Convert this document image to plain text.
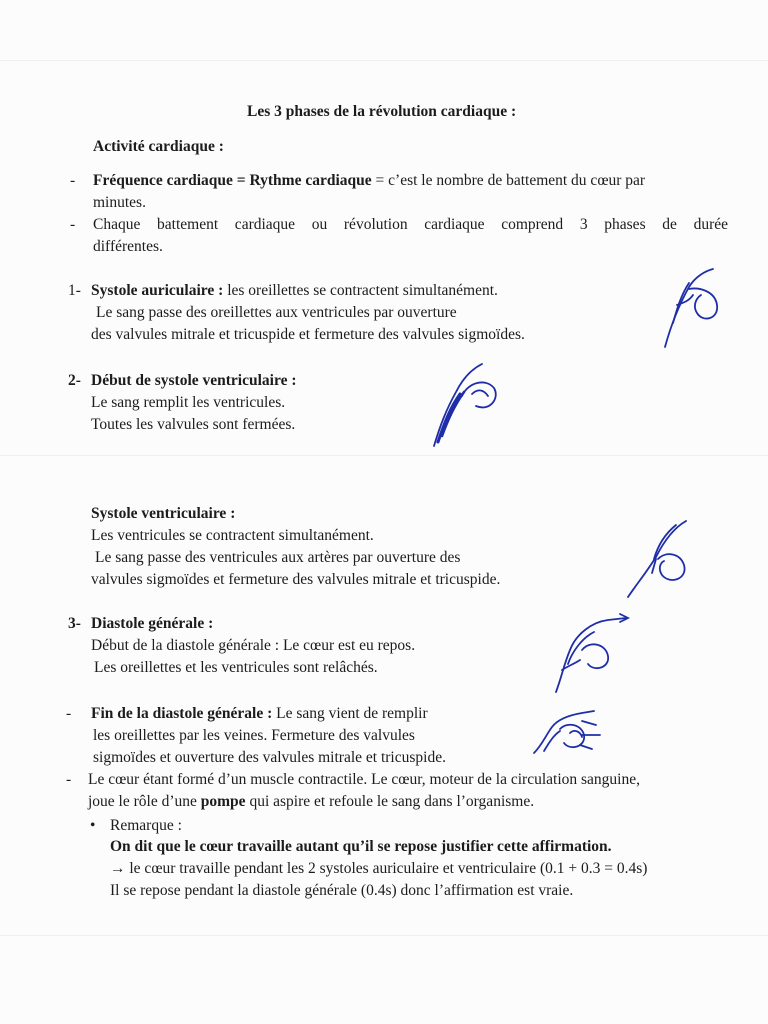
Les 3 phases de la révolution cardiaque :
Activité cardiaque :
- Fréquence cardiaque = Rythme cardiaque = c’est le nombre de battement du cœur par
minutes.
- Chaque battement cardiaque ou révolution cardiaque comprend 3 phases de durée
différentes.
1- Systole auriculaire : les oreillettes se contractent simultanément.
Le sang passe des oreillettes aux ventricules par ouverture
des valvules mitrale et tricuspide et fermeture des valvules sigmoïdes.
2- Début de systole ventriculaire :
Le sang remplit les ventricules.
Toutes les valvules sont fermées.
Systole ventriculaire :
Les ventricules se contractent simultanément.
Le sang passe des ventricules aux artères par ouverture des
valvules sigmoïdes et fermeture des valvules mitrale et tricuspide.
3- Diastole générale :
Début de la diastole générale : Le cœur est eu repos.
Les oreillettes et les ventricules sont relâchés.
- Fin de la diastole générale : Le sang vient de remplir
les oreillettes par les veines. Fermeture des valvules
sigmoïdes et ouverture des valvules mitrale et tricuspide.
- Le cœur étant formé d’un muscle contractile. Le cœur, moteur de la circulation sanguine,
joue le rôle d’une pompe qui aspire et refoule le sang dans l’organisme.
• Remarque :
On dit que le cœur travaille autant qu’il se repose justifier cette affirmation.
→ le cœur travaille pendant les 2 systoles auriculaire et ventriculaire (0.1 + 0.3 = 0.4s)
Il se repose pendant la diastole générale (0.4s) donc l’affirmation est vraie.
